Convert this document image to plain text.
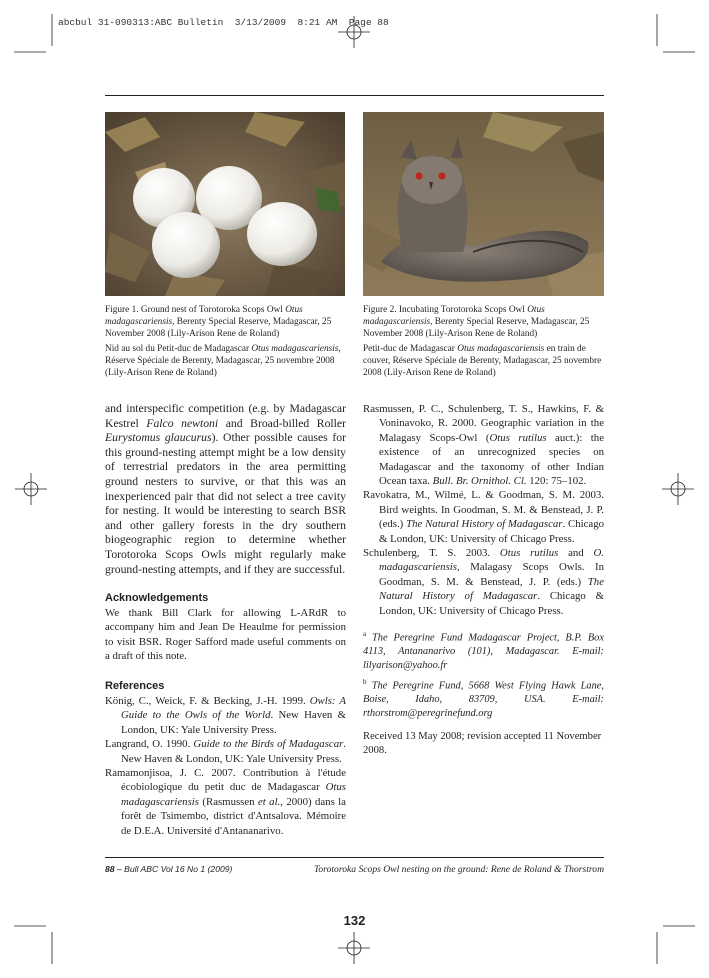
abcbul 31-090313:ABC Bulletin  3/13/2009  8:21 AM  Page 88

Figure 1. Ground nest of Torotoroka Scops Owl Otus madagascariensis, Berenty Special Reserve, Madagascar, 25 November 2008 (Lily-Arison Rene de Roland)

Nid au sol du Petit-duc de Madagascar Otus madagascariensis, Réserve Spéciale de Berenty, Madagascar, 25 novembre 2008 (Lily-Arison Rene de Roland)

Figure 2. Incubating Torotoroka Scops Owl Otus madagascariensis, Berenty Special Reserve, Madagascar, 25 November 2008 (Lily-Arison Rene de Roland)

Petit-duc de Madagascar Otus madagascariensis en train de couver, Réserve Spéciale de Berenty, Madagascar, 25 novembre 2008 (Lily-Arison Rene de Roland)

and interspecific competition (e.g. by Madagascar Kestrel Falco newtoni and Broad-billed Roller Eurystomus glaucurus). Other possible causes for this ground-nesting attempt might be a low density of terrestrial predators in the area permitting ground nesters to survive, or that this was an inexperienced pair that did not select a tree cavity for nesting. It would be interesting to search BSR and other gallery forests in the dry southern biogeographic region to determine whether Torotoroka Scops Owls might regularly make ground-nesting attempts, and if they are successful.

Acknowledgements

We thank Bill Clark for allowing L-ARdR to accompany him and Jean De Heaulme for permission to visit BSR. Roger Safford made useful comments on a draft of this note.

References

König, C., Weick, F. & Becking, J.-H. 1999. Owls: A Guide to the Owls of the World. New Haven & London, UK: Yale University Press.

Langrand, O. 1990. Guide to the Birds of Madagascar. New Haven & London, UK: Yale University Press.

Ramamonjisoa, J. C. 2007. Contribution à l'étude écobiologique du petit duc de Madagascar Otus madagascariensis (Rasmussen et al., 2000) dans la forêt de Tsimembo, district d'Antsalova. Mémoire de D.E.A. Université d'Antananarivo.

Rasmussen, P. C., Schulenberg, T. S., Hawkins, F. & Voninavoko, R. 2000. Geographic variation in the Malagasy Scops-Owl (Otus rutilus auct.): the existence of an unrecognized species on Madagascar and the taxonomy of other Indian Ocean taxa. Bull. Br. Ornithol. Cl. 120: 75–102.

Ravokatra, M., Wilmé, L. & Goodman, S. M. 2003. Bird weights. In Goodman, S. M. & Benstead, J. P. (eds.) The Natural History of Madagascar. Chicago & London, UK: University of Chicago Press.

Schulenberg, T. S. 2003. Otus rutilus and O. madagascariensis, Malagasy Scops Owls. In Goodman, S. M. & Benstead, J. P. (eds.) The Natural History of Madagascar. Chicago & London, UK: University of Chicago Press.

$^a$ The Peregrine Fund Madagascar Project, B.P. Box 4113, Antananarivo (101), Madagascar. E-mail: lilyarison@yahoo.fr

$^b$ The Peregrine Fund, 5668 West Flying Hawk Lane, Boise, Idaho, 83709, USA. E-mail: rthorstrom@peregrinefund.org

Received 13 May 2008; revision accepted 11 November 2008.

88 – Bull ABC Vol 16 No 1 (2009)	Torotoroka Scops Owl nesting on the ground: Rene de Roland & Thorstrom
132
